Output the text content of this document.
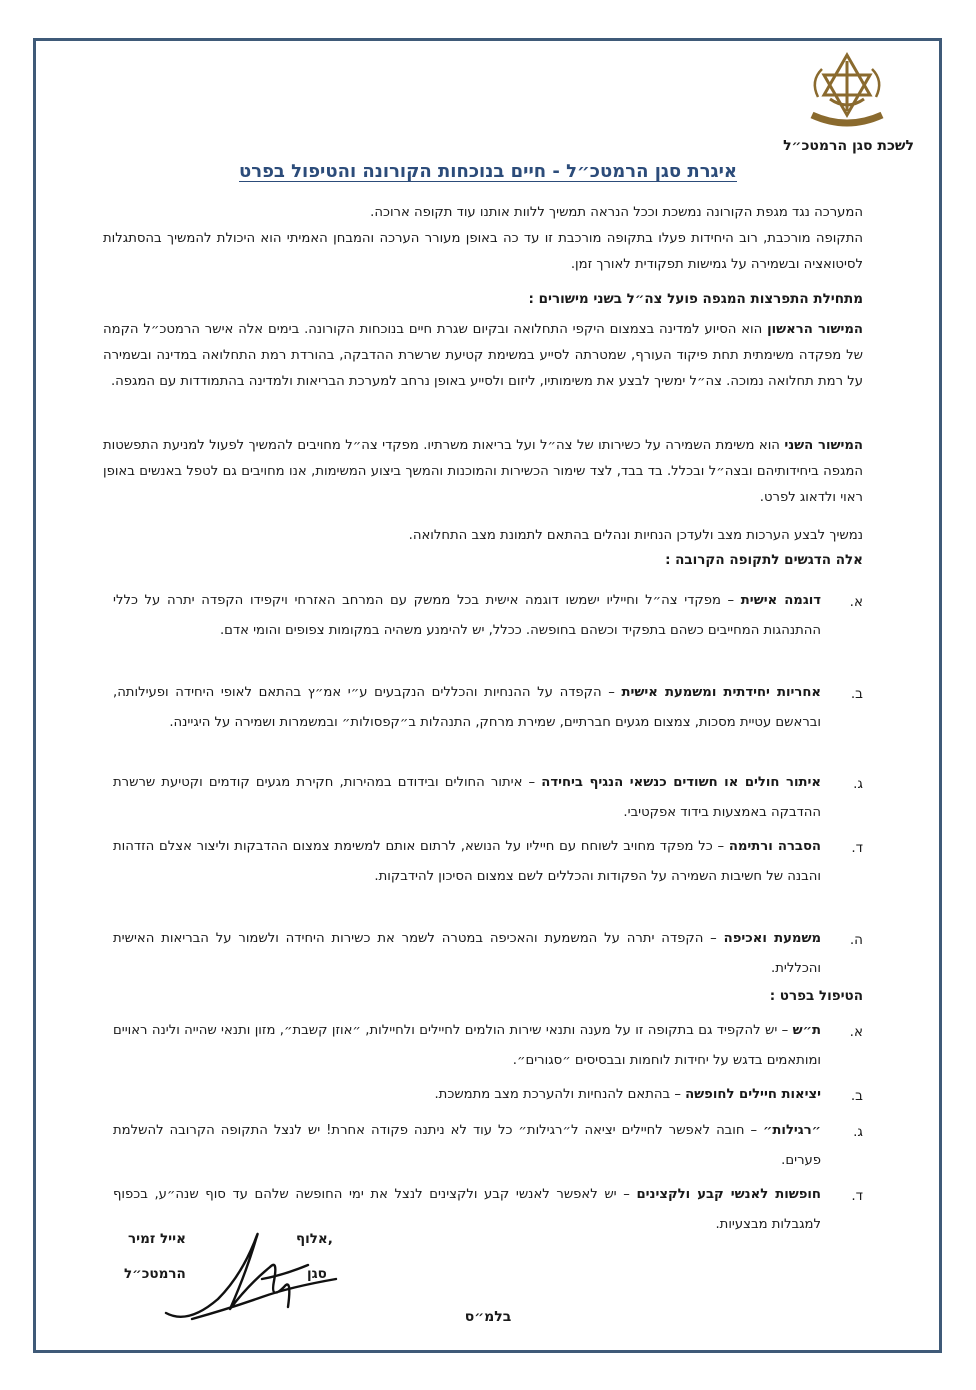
לשכת סגן הרמטכ״ל
איגרת סגן הרמטכ״ל - חיים בנוכחות הקורונה והטיפול בפרט
המערכה נגד מגפת הקורונה נמשכת וככל הנראה תמשיך ללוות אותנו עוד תקופה ארוכה.
התקופה מורכבת, רוב היחידות פעלו בתקופה מורכבת זו עד כה באופן מעורר הערכה והמבחן האמיתי הוא היכולת להמשיך בהסתגלות לסיטואציה ובשמירה על גמישות תפקודית לאורך זמן.
מתחילת התפרצות המגפה פועל צה״ל בשני מישורים :
המישור הראשון הוא הסיוע למדינה בצמצום היקפי התחלואה ובקיום שגרת חיים בנוכחות הקורונה. בימים אלה אישר הרמטכ״ל הקמה של מפקדה משימתית תחת פיקוד העורף, שמטרתה לסייע במשימת קטיעת שרשרת ההדבקה, בהורדת רמת התחלואה במדינה ובשמירה על רמת תחלואה נמוכה. צה״ל ימשיך לבצע את משימותיו, ליזום ולסייע באופן נרחב למערכת הבריאות ולמדינה בהתמודדות עם המגפה.
המישור השני הוא משימת השמירה על כשירותו של צה״ל ועל בריאות משרתיו. מפקדי צה״ל מחויבים להמשיך לפעול למניעת התפשטות המגפה ביחידותיהם ובצה״ל ובכלל. בד בבד, לצד שימור הכשירות והמוכנות והמשך ביצוע המשימות, אנו מחויבים גם לטפל באנשים באופן ראוי ולדאוג לפרט.
נמשיך לבצע הערכות מצב ולעדכן הנחיות ונהלים בהתאם לתמונת מצב התחלואה.
אלה הדגשים לתקופה הקרובה :
א.
דוגמה אישית – מפקדי צה״ל וחייליו ישמשו דוגמה אישית בכל ממשק עם המרחב האזרחי ויקפידו הקפדה יתרה על כללי ההתנהגות המחייבים כשהם בתפקיד וכשהם בחופשה. ככלל, יש להימנע משהיה במקומות צפופים והומי אדם.
ב.
אחריות יחידתית ומשמעת אישית – הקפדה על ההנחיות והכללים הנקבעים ע״י אמ״ץ בהתאם לאופי היחידה ופעילותה, ובראשם עטיית מסכות, צמצום מגעים חברתיים, שמירת מרחק, התנהלות ב״קפסולות״ ובמשמרות ושמירה על היגיינה.
ג.
איתור חולים או חשודים כנשאי הנגיף ביחידה – איתור החולים ובידודם במהירות, חקירת מגעים קודמים וקטיעת שרשרת ההדבקה באמצעות בידוד אפקטיבי.
ד.
הסברה ורתימה – כל מפקד מחויב לשוחח עם חייליו על הנושא, לרתום אותם למשימת צמצום ההדבקות וליצור אצלם הזדהות והבנה של חשיבות השמירה על הפקודות והכללים לשם צמצום הסיכון להידבקות.
ה.
משמעת ואכיפה – הקפדה יתרה על המשמעת והאכיפה במטרה לשמר את כשירות היחידה ולשמור על הבריאות האישית והכללית.
הטיפול בפרט :
א.
ת״ש – יש להקפיד גם בתקופה זו על מענה ותנאי שירות הולמים לחיילים ולחיילות, ״אוזן קשבת״, מזון ותנאי שהייה ולינה ראויים ומותאמים בדגש על יחידות לוחמות ובבסיסים ״סגורים״.
ב.
יציאות חיילים לחופשה – בהתאם להנחיות ולהערכת מצב מתמשכת.
ג.
״רגילות״ – חובה לאפשר לחיילים יציאה ל״רגילות״ כל עוד לא ניתנה פקודה אחרת! יש לנצל התקופה הקרובה להשלמת פערים.
ד.
חופשות לאנשי קבע ולקצינים – יש לאפשר לאנשי קבע ולקצינים לנצל את ימי החופשה שלהם עד סוף שנה״ע, בכפוף למגבלות מבצעיות.
אלוף,
אייל זמיר
סגן
הרמטכ״ל
בלמ״ס
